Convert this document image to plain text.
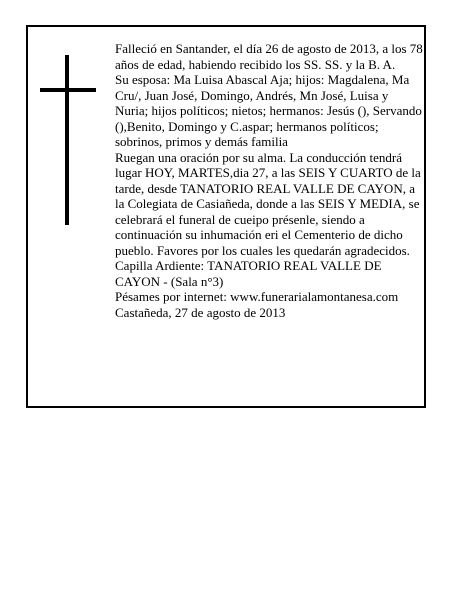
Falleció en Santander, el día 26 de agosto de 2013, a los 78 años de edad, habiendo recibido los SS. SS. y la B. A.

Su esposa: Ma Luisa Abascal Aja; hijos: Magdalena, Ma Cru/, Juan José, Domingo, Andrés, Mn José, Luisa y Nuria; hijos políticos; nietos; hermanos: Jesús (), Servando (),Benito, Domingo y C.aspar; hermanos políticos; sobrinos, primos y demás familia

Ruegan una oración por su alma. La conducción tendrá lugar HOY, MARTES,dia 27, a las SEIS Y CUARTO de la tarde, desde TANATORIO REAL VALLE DE CAYON, a la Colegiata de Casiañeda, donde a las SEIS Y MEDIA, se celebrará el funeral de cueipo présenle, siendo a continuación su inhumación eri el Cementerio de dicho pueblo. Favores por los cuales les quedarán agradecidos. Capilla Ardiente: TANATORIO REAL VALLE DE CAYON - (Sala n°3)

Pésames por internet: www.funerarialamontanesa.com

Castañeda, 27 de agosto de 2013
